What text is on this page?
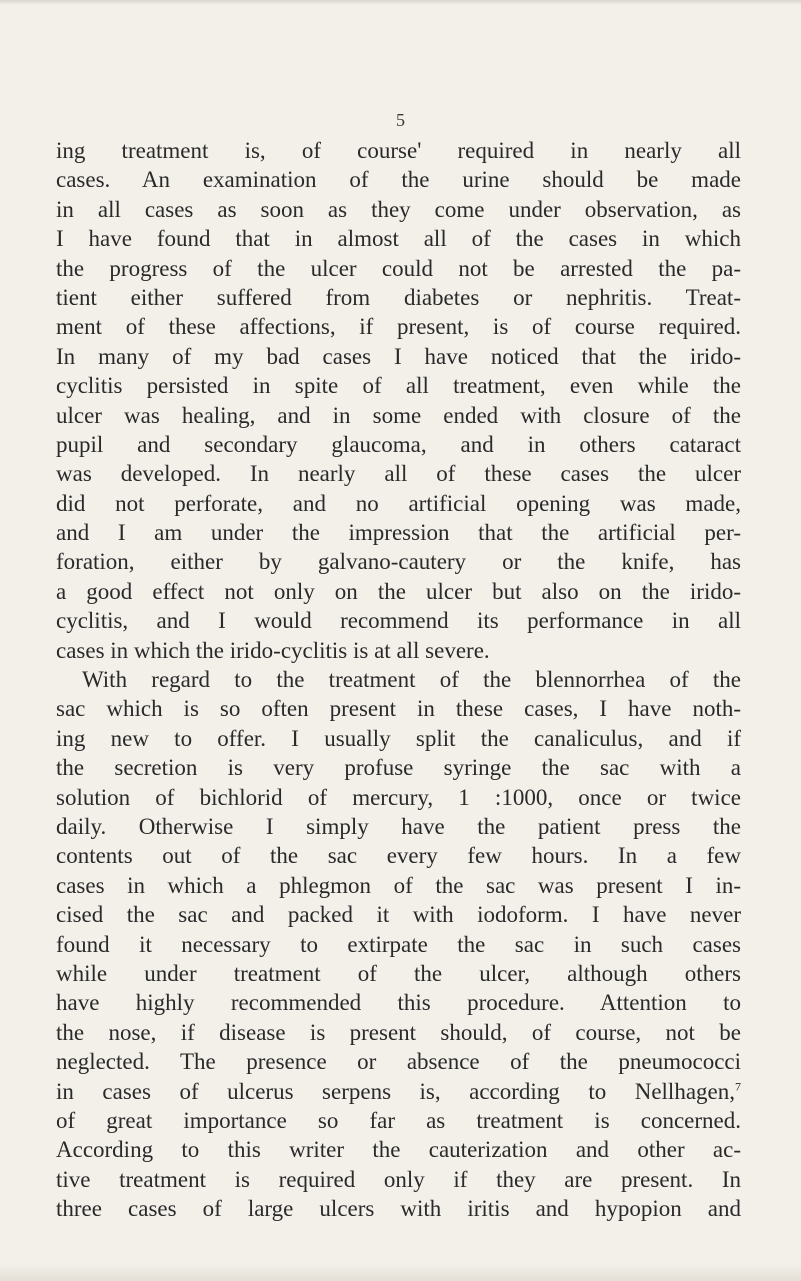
5

ing treatment is, of course' required in nearly all
cases. An examination of the urine should be made
in all cases as soon as they come under observation, as
I have found that in almost all of the cases in which
the progress of the ulcer could not be arrested the pa-
tient either suffered from diabetes or nephritis. Treat-
ment of these affections, if present, is of course required.
In many of my bad cases I have noticed that the irido-
cyclitis persisted in spite of all treatment, even while the
ulcer was healing, and in some ended with closure of the
pupil and secondary glaucoma, and in others cataract
was developed. In nearly all of these cases the ulcer
did not perforate, and no artificial opening was made,
and I am under the impression that the artificial per-
foration, either by galvano-cautery or the knife, has
a good effect not only on the ulcer but also on the irido-
cyclitis, and I would recommend its performance in all
cases in which the irido-cyclitis is at all severe.
With regard to the treatment of the blennorrhea of the
sac which is so often present in these cases, I have noth-
ing new to offer. I usually split the canaliculus, and if
the secretion is very profuse syringe the sac with a
solution of bichlorid of mercury, 1 :1000, once or twice
daily. Otherwise I simply have the patient press the
contents out of the sac every few hours. In a few
cases in which a phlegmon of the sac was present I in-
cised the sac and packed it with iodoform. I have never
found it necessary to extirpate the sac in such cases
while under treatment of the ulcer, although others
have highly recommended this procedure. Attention to
the nose, if disease is present should, of course, not be
neglected. The presence or absence of the pneumococci
in cases of ulcerus serpens is, according to Nellhagen,$^7$
of great importance so far as treatment is concerned.
According to this writer the cauterization and other ac-
tive treatment is required only if they are present. In
three cases of large ulcers with iritis and hypopion and
